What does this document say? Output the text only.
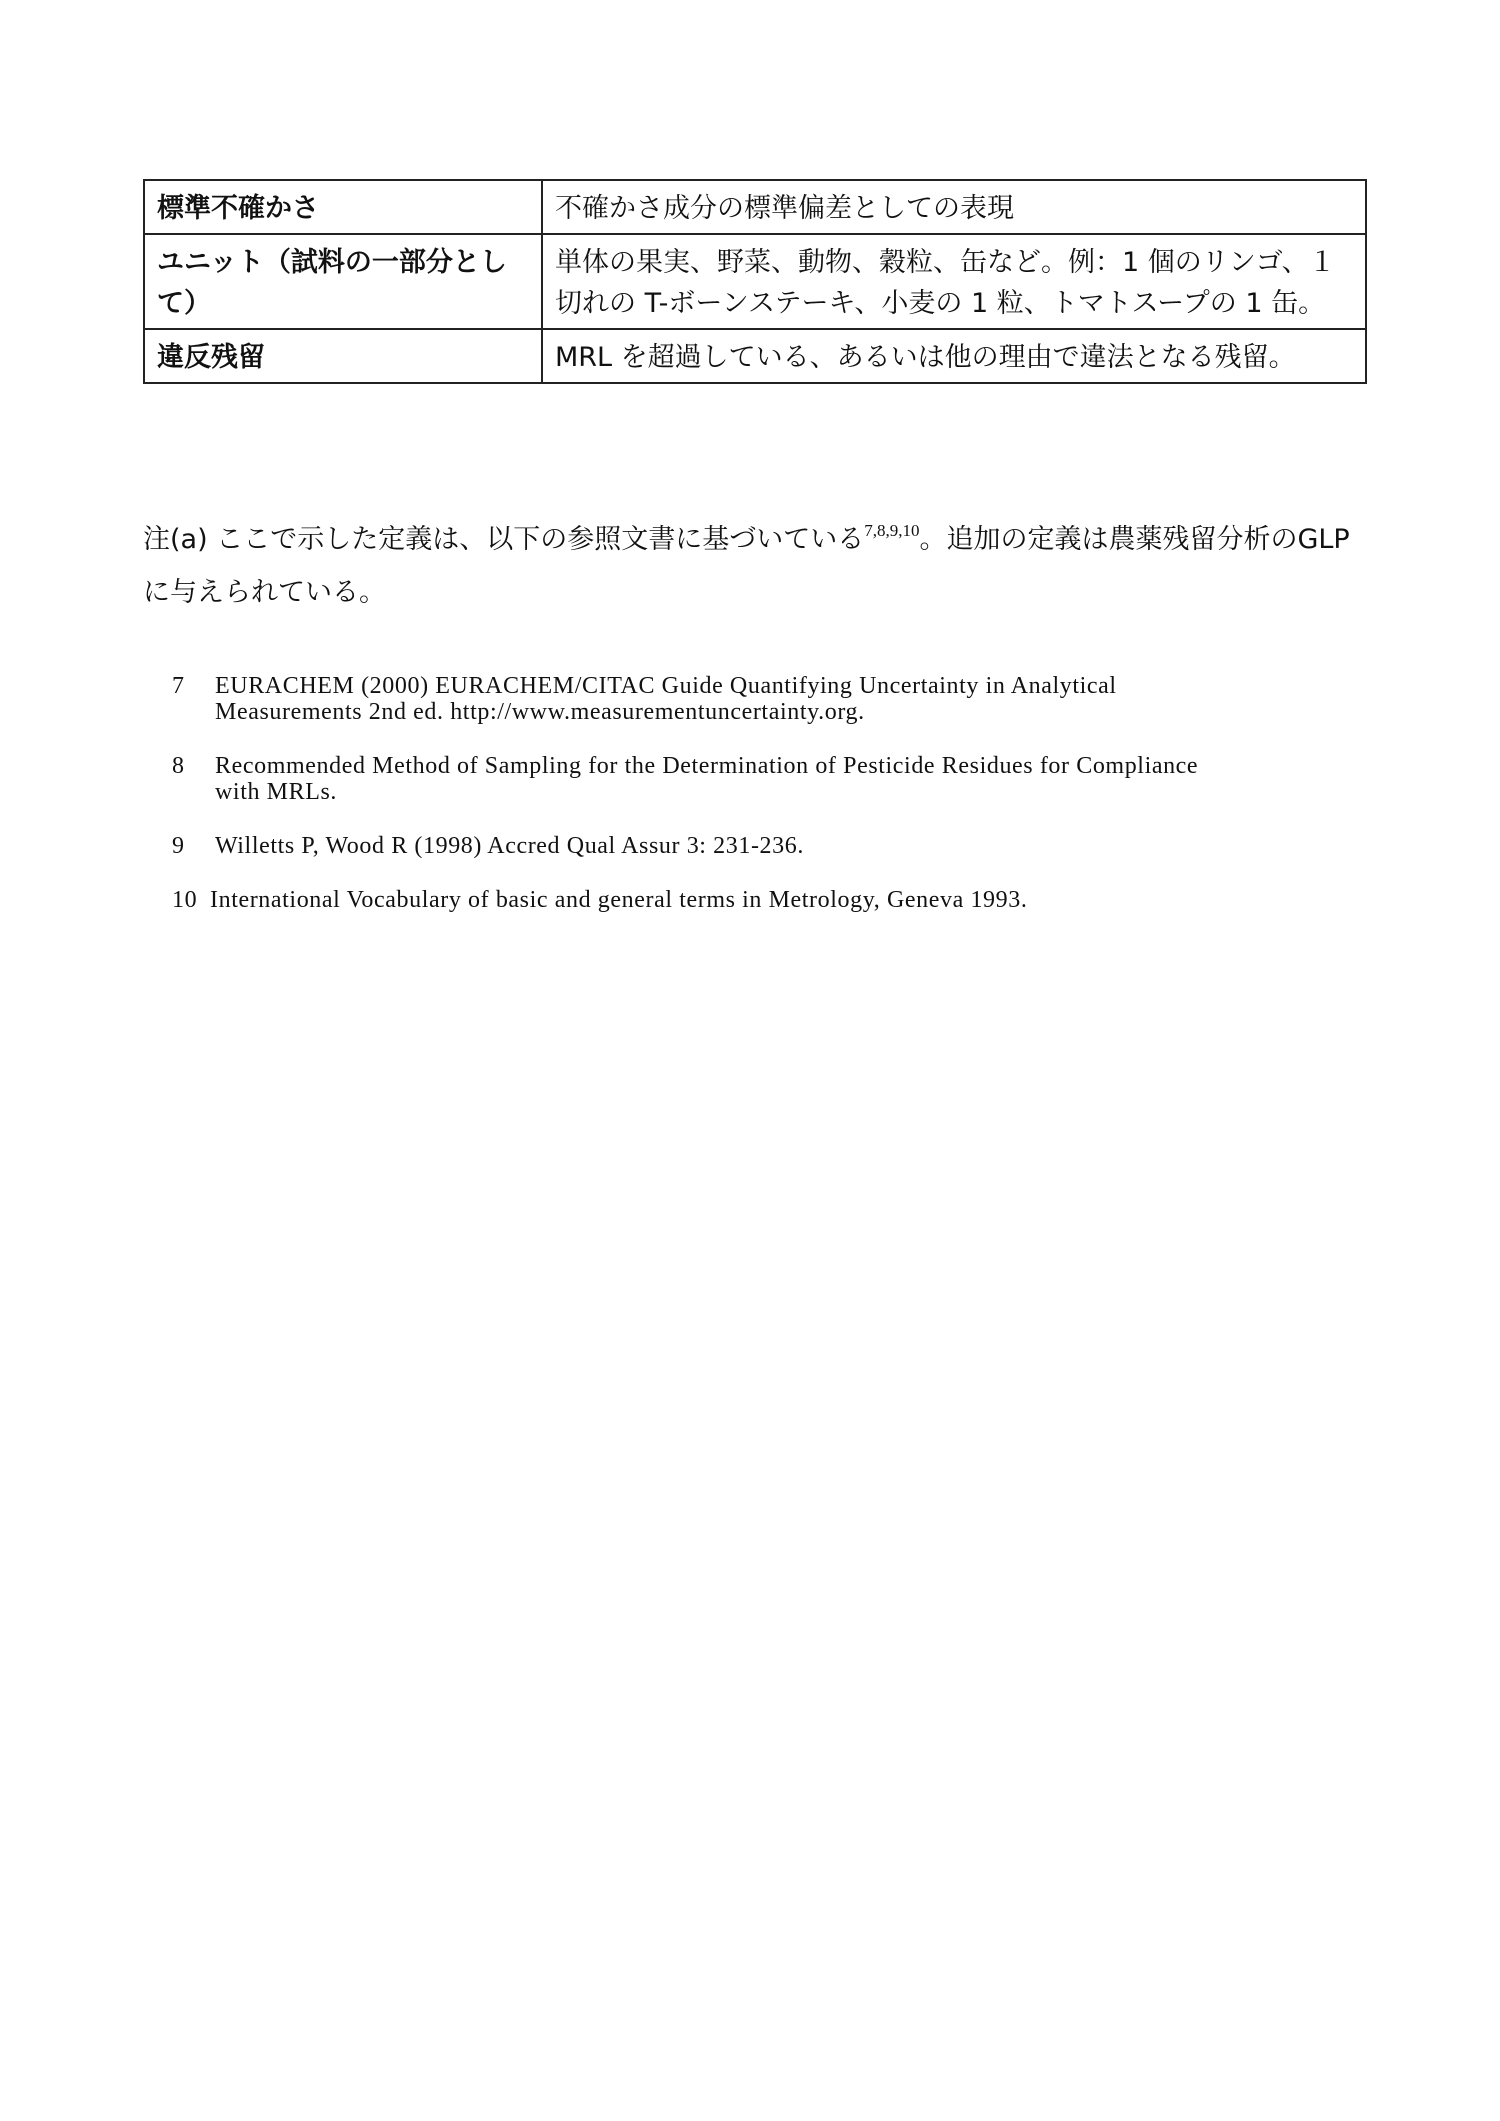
標準不確かさ	不確かさ成分の標準偏差としての表現
ユニット（試料の一部分として）	単体の果実、野菜、動物、穀粒、缶など。例：1 個のリンゴ、１切れの T-ボーンステーキ、小麦の 1 粒、トマトスープの 1 缶。
違反残留	MRL を超過している、あるいは他の理由で違法となる残留。
注(a) ここで示した定義は、以下の参照文書に基づいている$^{7,8,9,10}$。追加の定義は農薬残留分析のGLPに与えられている。
7	EURACHEM (2000) EURACHEM/CITAC Guide Quantifying Uncertainty in Analytical
Measurements 2nd ed. http://www.measurementuncertainty.org.
8	Recommended Method of Sampling for the Determination of Pesticide Residues for Compliance
with MRLs.
9	Willetts P, Wood R (1998) Accred Qual Assur 3: 231-236.
10 International Vocabulary of basic and general terms in Metrology, Geneva 1993.
